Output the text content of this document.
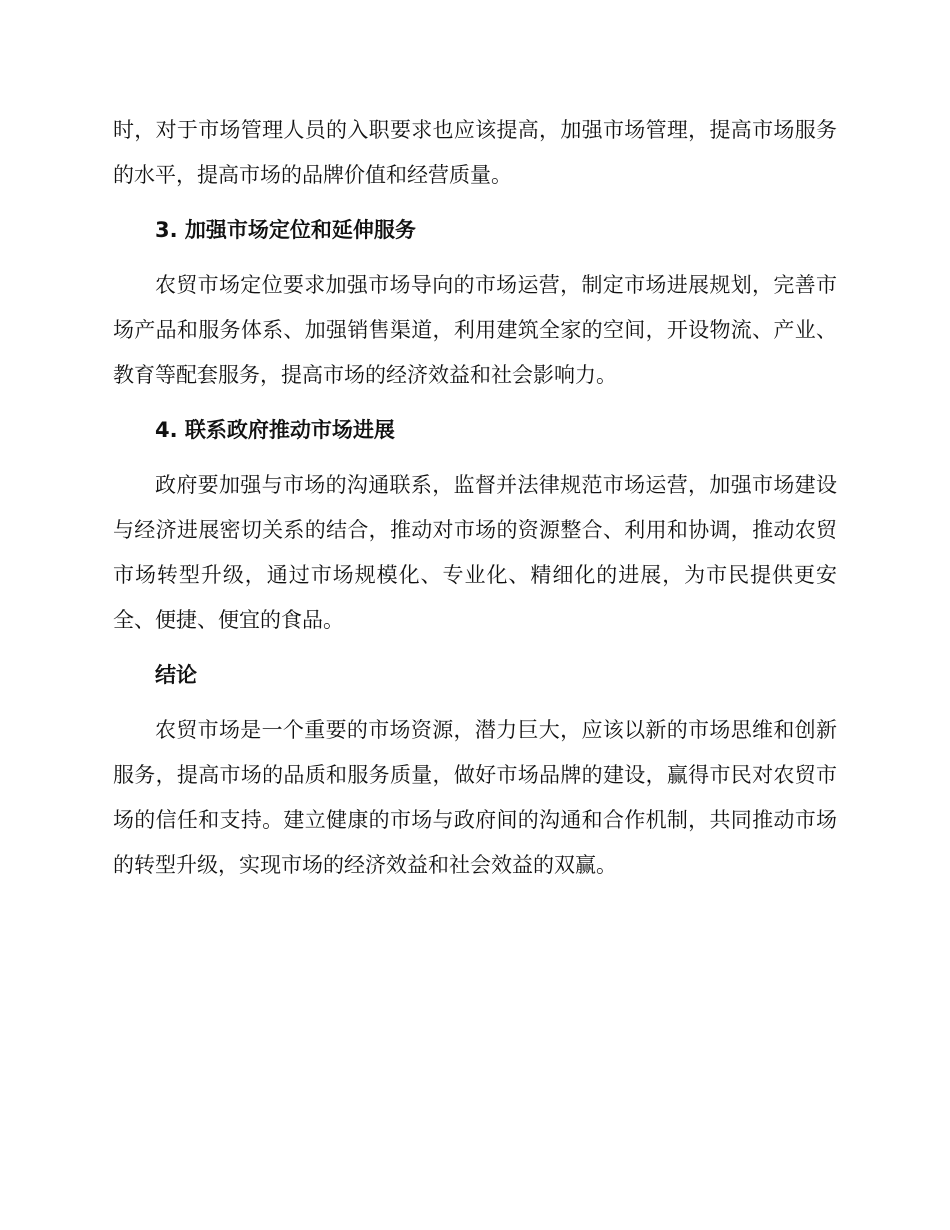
时，对于市场管理人员的入职要求也应该提高，加强市场管理，提高市场服务的水平，提高市场的品牌价值和经营质量。

3. 加强市场定位和延伸服务

农贸市场定位要求加强市场导向的市场运营，制定市场进展规划，完善市场产品和服务体系、加强销售渠道，利用建筑全家的空间，开设物流、产业、教育等配套服务，提高市场的经济效益和社会影响力。

4. 联系政府推动市场进展

政府要加强与市场的沟通联系，监督并法律规范市场运营，加强市场建设与经济进展密切关系的结合，推动对市场的资源整合、利用和协调，推动农贸市场转型升级，通过市场规模化、专业化、精细化的进展，为市民提供更安全、便捷、便宜的食品。

结论

农贸市场是一个重要的市场资源，潜力巨大，应该以新的市场思维和创新服务，提高市场的品质和服务质量，做好市场品牌的建设，赢得市民对农贸市场的信任和支持。建立健康的市场与政府间的沟通和合作机制，共同推动市场的转型升级，实现市场的经济效益和社会效益的双赢。
